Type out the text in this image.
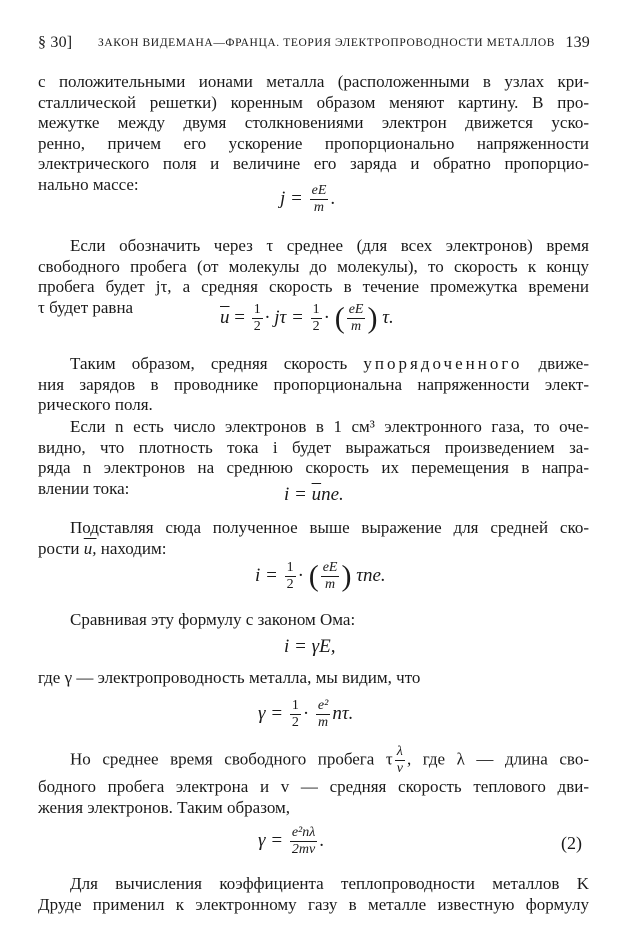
§ 30] ЗАКОН ВИДЕМАНА—ФРАНЦА. ТЕОРИЯ ЭЛЕКТРОПРОВОДНОСТИ МЕТАЛЛОВ 139
с положительными ионами металла (расположенными в узлах кри-
сталлической решетки) коренным образом меняют картину. В про-
межутке между двумя столкновениями электрон движется уско-
ренно, причем его ускорение пропорционально напряженности
электрического поля и величине его заряда и обратно пропорцио-
нально массе:
$j = \frac{eE}{m}$ .
Если обозначить через τ среднее (для всех электронов) время
свободного пробега (от молекулы до молекулы), то скорость к концу
пробега будет jτ, а средняя скорость в течение промежутка времени
τ будет равна	$\overline{u} = \frac{1}{2} \cdot j\tau = \frac{1}{2}$ · ( $\frac{eE}{m}$ ) τ.
Таким образом, средняя скорость упорядоченного движе-
ния зарядов в проводнике пропорциональна напряженности элект-
рического поля.
Если n есть число электронов в 1 см³ электронного газа, то оче-
видно, что плотность тока i будет выражаться произведением за-
ряда n электронов на среднюю скорость их перемещения в напра-
влении тока:	$i = \overline{u}ne$.
Подставляя сюда полученное выше выражение для средней ско-
рости u, находим:
$i = \frac{1}{2}$ · ( $\frac{eE}{m}$ ) τne.
Сравнивая эту формулу с законом Ома:
i = γE,
где γ — электропроводность металла, мы видим, что
$\gamma = \frac{1}{2} \cdot \frac{\text{e²}}{m} n\tau$.
Но среднее время свободного пробега τ $\frac{\lambda}{v}$ , где λ — длина сво-
бодного пробега электрона и v — средняя скорость теплового дви-
жения электронов. Таким образом,
$\gamma = \frac{\text{e²nλ}}{2mv}$ .	(2)
Для вычисления коэффициента теплопроводности металлов K
Друде применил к электронному газу в металле известную формулу
